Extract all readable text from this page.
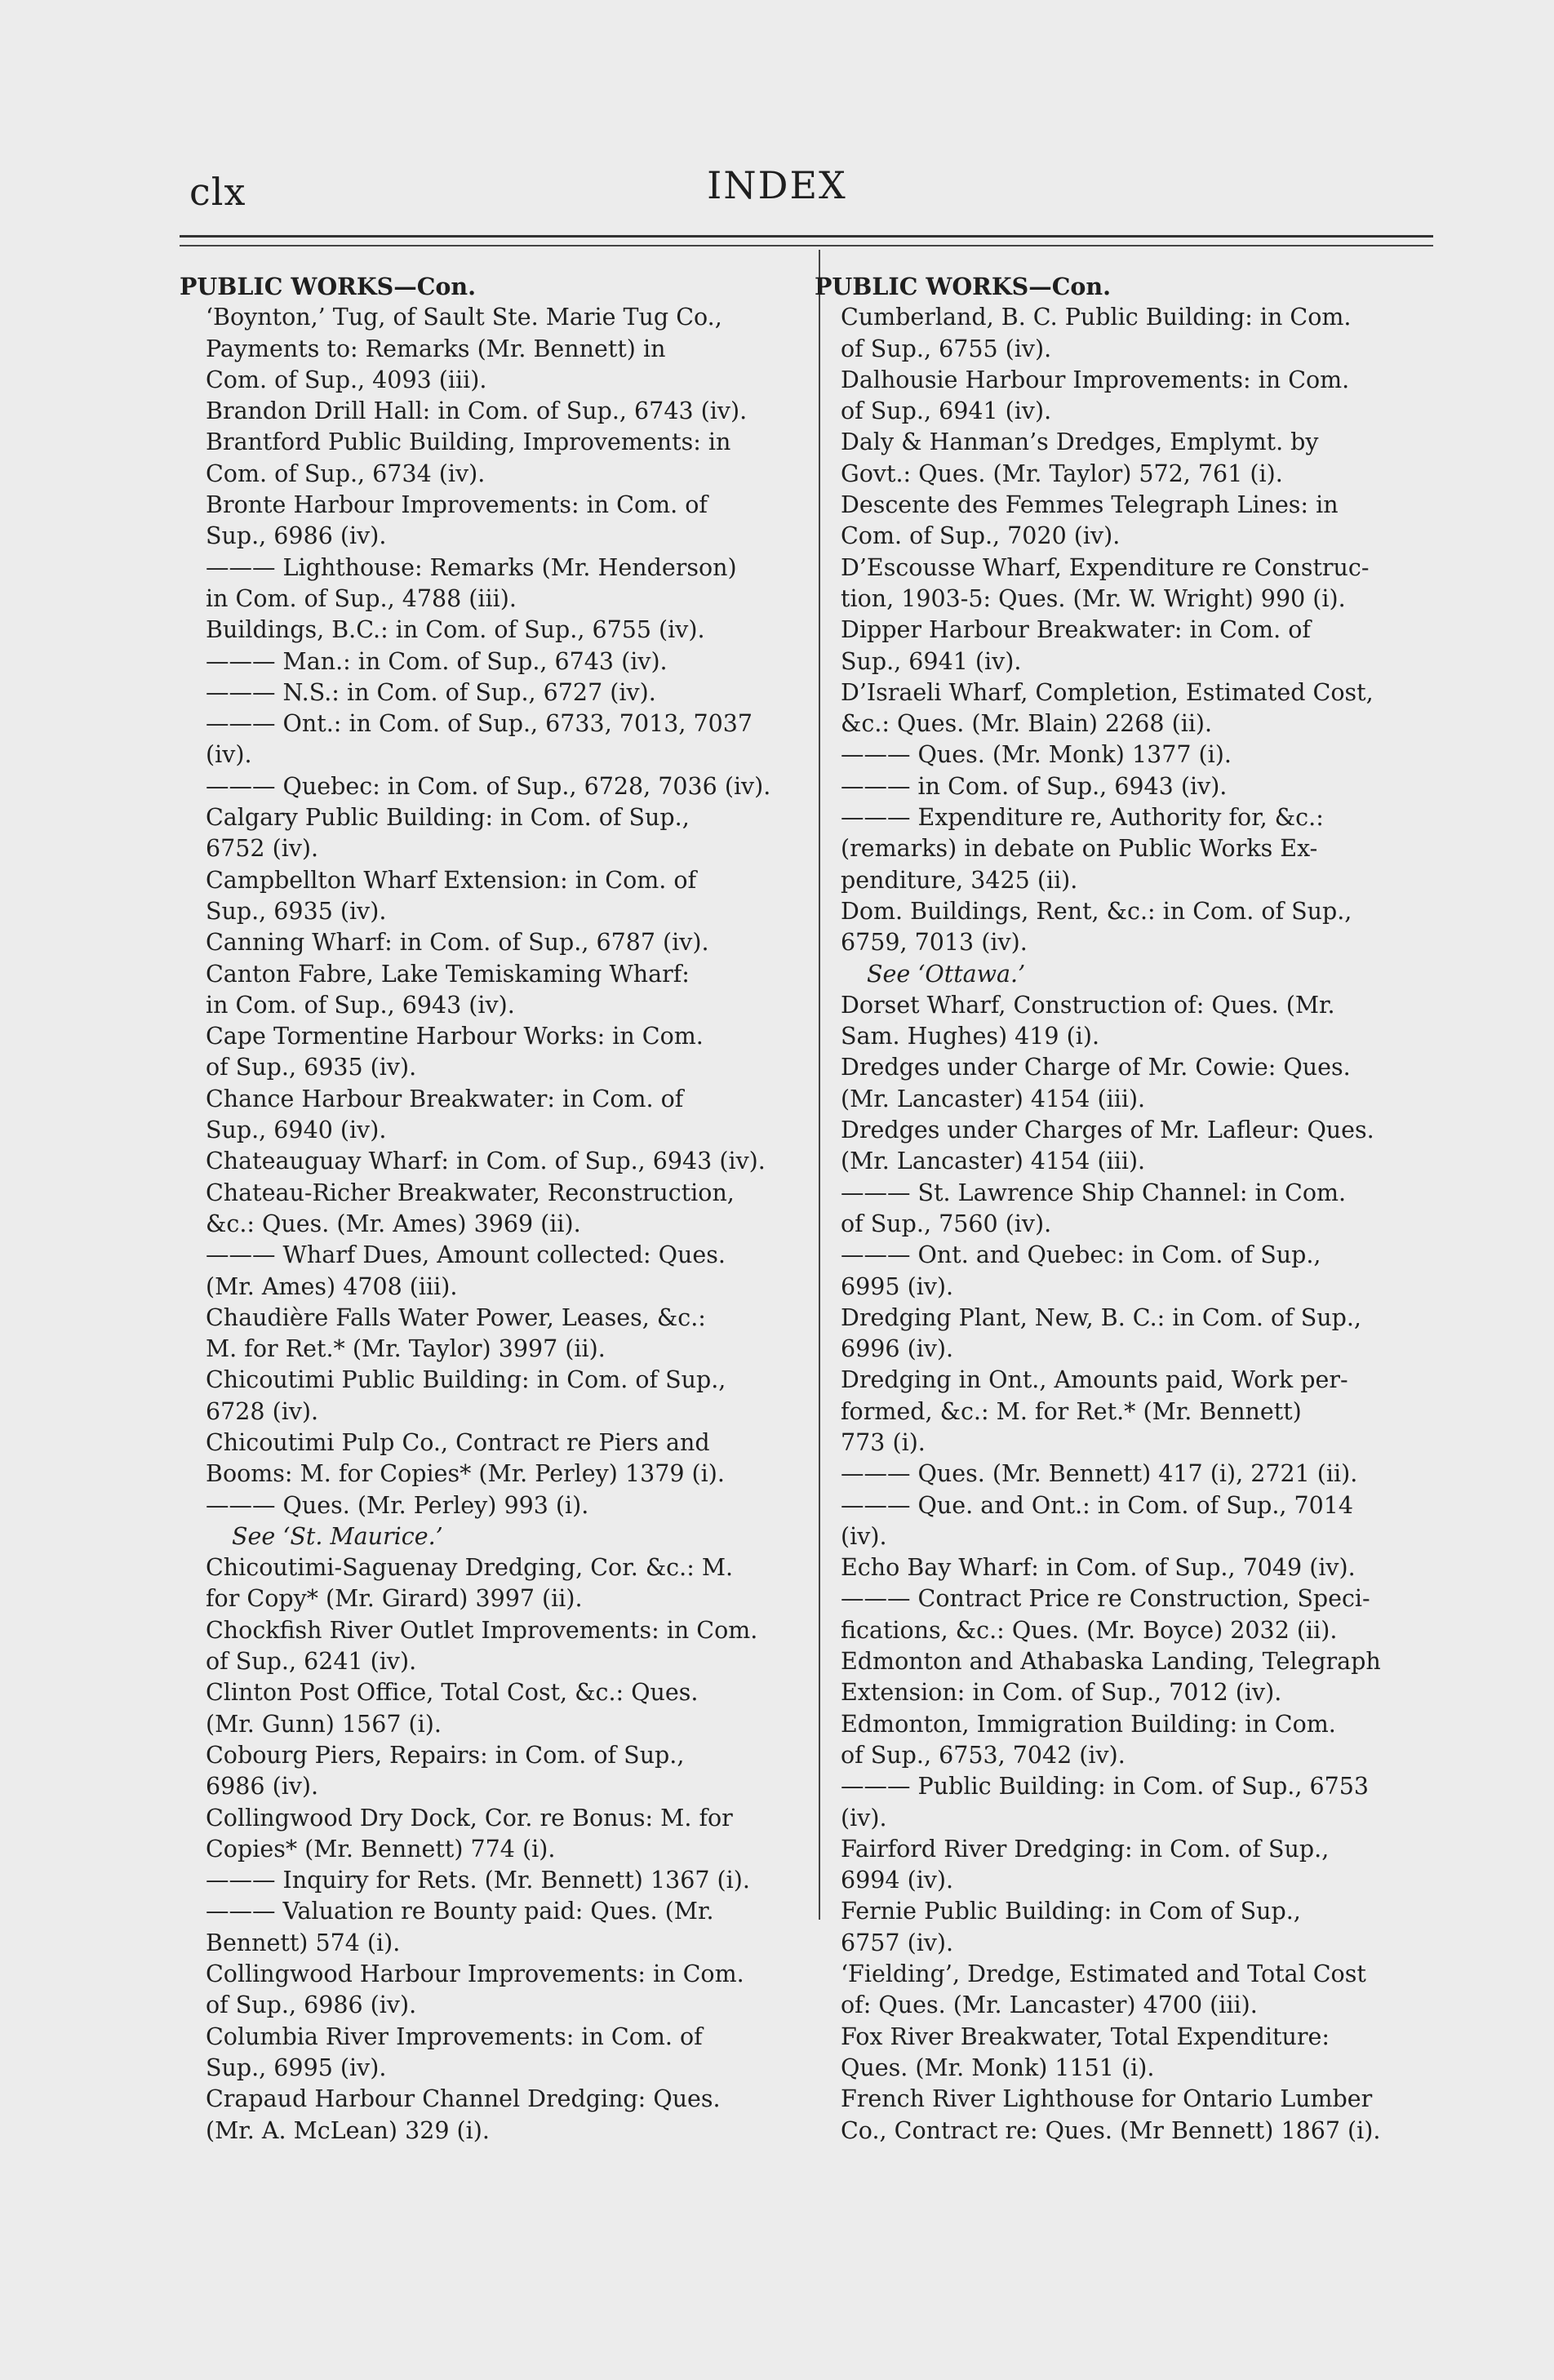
clx	INDEX
PUBLIC WORKS—Con.
‘Boynton,’ Tug, of Sault Ste. Marie Tug Co.,
Payments to: Remarks (Mr. Bennett) in
Com. of Sup., 4093 (iii).
Brandon Drill Hall: in Com. of Sup., 6743 (iv).
Brantford Public Building, Improvements: in
Com. of Sup., 6734 (iv).
Bronte Harbour Improvements: in Com. of
Sup., 6986 (iv).
——— Lighthouse: Remarks (Mr. Henderson)
in Com. of Sup., 4788 (iii).
Buildings, B.C.: in Com. of Sup., 6755 (iv).
——— Man.: in Com. of Sup., 6743 (iv).
——— N.S.: in Com. of Sup., 6727 (iv).
——— Ont.: in Com. of Sup., 6733, 7013, 7037
(iv).
——— Quebec: in Com. of Sup., 6728, 7036 (iv).
Calgary Public Building: in Com. of Sup.,
6752 (iv).
Campbellton Wharf Extension: in Com. of
Sup., 6935 (iv).
Canning Wharf: in Com. of Sup., 6787 (iv).
Canton Fabre, Lake Temiskaming Wharf:
in Com. of Sup., 6943 (iv).
Cape Tormentine Harbour Works: in Com.
of Sup., 6935 (iv).
Chance Harbour Breakwater: in Com. of
Sup., 6940 (iv).
Chateauguay Wharf: in Com. of Sup., 6943 (iv).
Chateau-Richer Breakwater, Reconstruction,
&c.: Ques. (Mr. Ames) 3969 (ii).
——— Wharf Dues, Amount collected: Ques.
(Mr. Ames) 4708 (iii).
Chaudière Falls Water Power, Leases, &c.:
M. for Ret.* (Mr. Taylor) 3997 (ii).
Chicoutimi Public Building: in Com. of Sup.,
6728 (iv).
Chicoutimi Pulp Co., Contract re Piers and
Booms: M. for Copies* (Mr. Perley) 1379 (i).
——— Ques. (Mr. Perley) 993 (i).
See ‘St. Maurice.’
Chicoutimi-Saguenay Dredging, Cor. &c.: M.
for Copy* (Mr. Girard) 3997 (ii).
Chockfish River Outlet Improvements: in Com.
of Sup., 6241 (iv).
Clinton Post Office, Total Cost, &c.: Ques.
(Mr. Gunn) 1567 (i).
Cobourg Piers, Repairs: in Com. of Sup.,
6986 (iv).
Collingwood Dry Dock, Cor. re Bonus: M. for
Copies* (Mr. Bennett) 774 (i).
——— Inquiry for Rets. (Mr. Bennett) 1367 (i).
——— Valuation re Bounty paid: Ques. (Mr.
Bennett) 574 (i).
Collingwood Harbour Improvements: in Com.
of Sup., 6986 (iv).
Columbia River Improvements: in Com. of
Sup., 6995 (iv).
Crapaud Harbour Channel Dredging: Ques.
(Mr. A. McLean) 329 (i).
PUBLIC WORKS—Con.
Cumberland, B. C. Public Building: in Com.
of Sup., 6755 (iv).
Dalhousie Harbour Improvements: in Com.
of Sup., 6941 (iv).
Daly & Hanman’s Dredges, Emplymt. by
Govt.: Ques. (Mr. Taylor) 572, 761 (i).
Descente des Femmes Telegraph Lines: in
Com. of Sup., 7020 (iv).
D’Escousse Wharf, Expenditure re Construc-
tion, 1903-5: Ques. (Mr. W. Wright) 990 (i).
Dipper Harbour Breakwater: in Com. of
Sup., 6941 (iv).
D’Israeli Wharf, Completion, Estimated Cost,
&c.: Ques. (Mr. Blain) 2268 (ii).
——— Ques. (Mr. Monk) 1377 (i).
——— in Com. of Sup., 6943 (iv).
——— Expenditure re, Authority for, &c.:
(remarks) in debate on Public Works Ex-
penditure, 3425 (ii).
Dom. Buildings, Rent, &c.: in Com. of Sup.,
6759, 7013 (iv).
See ‘Ottawa.’
Dorset Wharf, Construction of: Ques. (Mr.
Sam. Hughes) 419 (i).
Dredges under Charge of Mr. Cowie: Ques.
(Mr. Lancaster) 4154 (iii).
Dredges under Charges of Mr. Lafleur: Ques.
(Mr. Lancaster) 4154 (iii).
——— St. Lawrence Ship Channel: in Com.
of Sup., 7560 (iv).
——— Ont. and Quebec: in Com. of Sup.,
6995 (iv).
Dredging Plant, New, B. C.: in Com. of Sup.,
6996 (iv).
Dredging in Ont., Amounts paid, Work per-
formed, &c.: M. for Ret.* (Mr. Bennett)
773 (i).
——— Ques. (Mr. Bennett) 417 (i), 2721 (ii).
——— Que. and Ont.: in Com. of Sup., 7014
(iv).
Echo Bay Wharf: in Com. of Sup., 7049 (iv).
——— Contract Price re Construction, Speci-
fications, &c.: Ques. (Mr. Boyce) 2032 (ii).
Edmonton and Athabaska Landing, Telegraph
Extension: in Com. of Sup., 7012 (iv).
Edmonton, Immigration Building: in Com.
of Sup., 6753, 7042 (iv).
——— Public Building: in Com. of Sup., 6753
(iv).
Fairford River Dredging: in Com. of Sup.,
6994 (iv).
Fernie Public Building: in Com of Sup.,
6757 (iv).
‘Fielding’, Dredge, Estimated and Total Cost
of: Ques. (Mr. Lancaster) 4700 (iii).
Fox River Breakwater, Total Expenditure:
Ques. (Mr. Monk) 1151 (i).
French River Lighthouse for Ontario Lumber
Co., Contract re: Ques. (Mr Bennett) 1867 (i).
